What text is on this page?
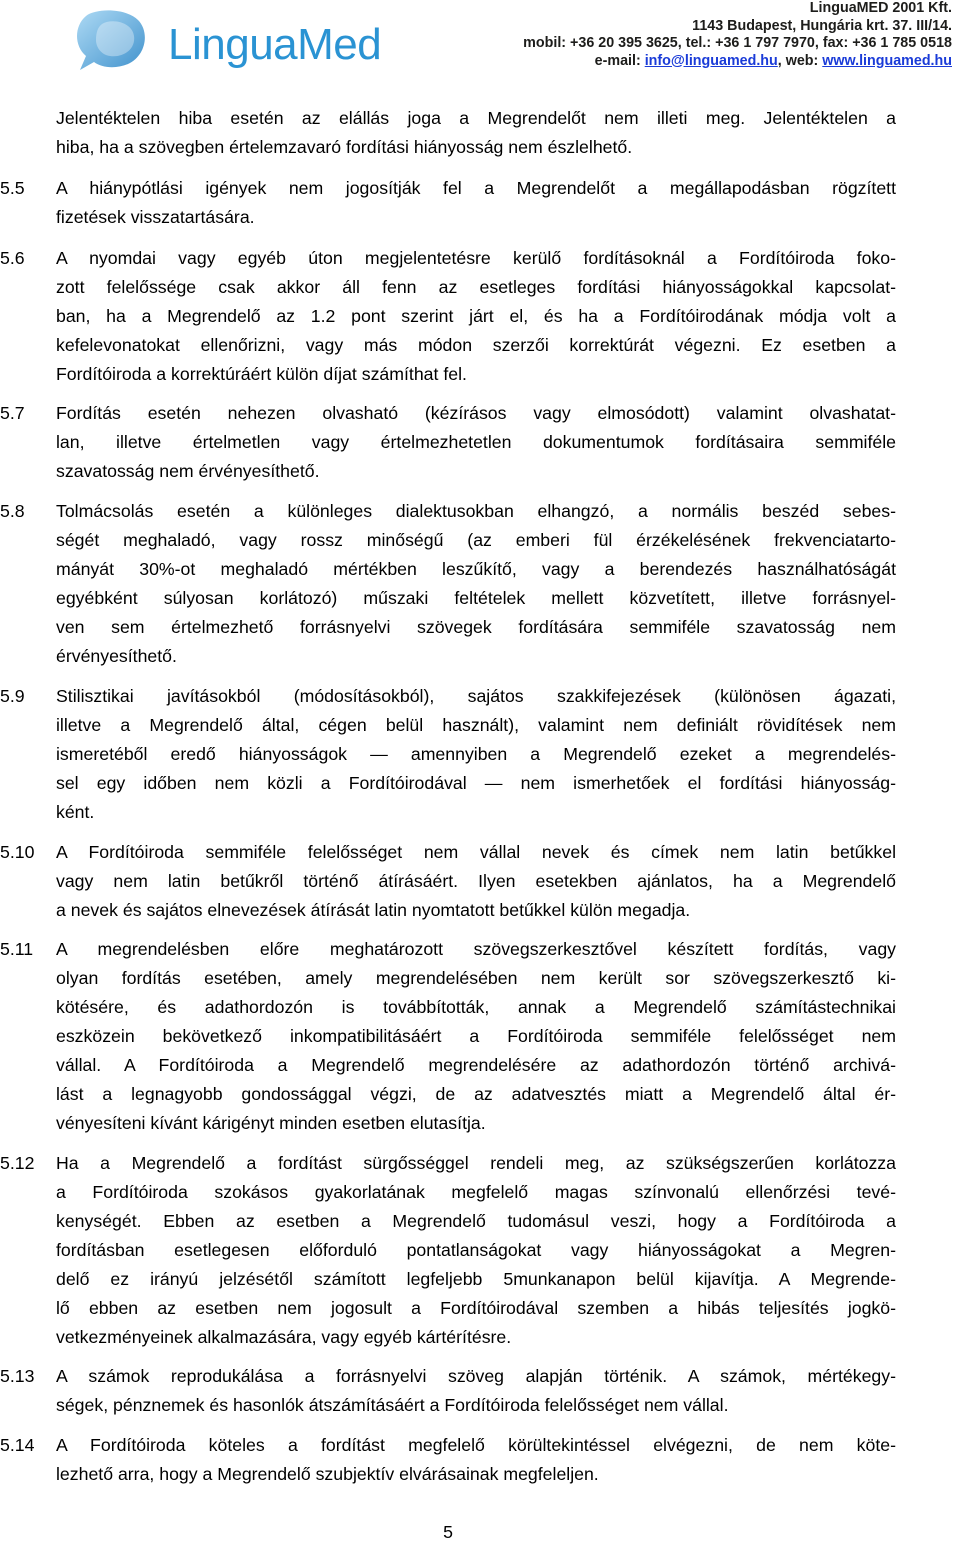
LinguaMed
LinguaMED 2001 Kft.
1143 Budapest, Hungária krt. 37. III/14.
mobil: +36 20 395 3625, tel.: +36 1 797 7970, fax: +36 1 785 0518
e-mail: info@linguamed.hu, web: www.linguamed.hu
Jelentéktelen hiba esetén az elállás joga a Megrendelőt nem illeti meg. Jelentéktelen a
hiba, ha a szövegben értelemzavaró fordítási hiányosság nem észlelhető.
5.5	A hiánypótlási igények nem jogosítják fel a Megrendelőt a megállapodásban rögzített
fizetések visszatartására.
5.6	A nyomdai vagy egyéb úton megjelentetésre kerülő fordításoknál a Fordítóiroda foko-
zott felelőssége csak akkor áll fenn az esetleges fordítási hiányosságokkal kapcsolat-
ban, ha a Megrendelő az 1.2 pont szerint járt el, és ha a Fordítóirodának módja volt a
kefelevonatokat ellenőrizni, vagy más módon szerzői korrektúrát végezni. Ez esetben a
Fordítóiroda a korrektúráért külön díjat számíthat fel.
5.7	Fordítás esetén nehezen olvasható (kézírásos vagy elmosódott) valamint olvashatat-
lan, illetve értelmetlen vagy értelmezhetetlen dokumentumok fordításaira semmiféle
szavatosság nem érvényesíthető.
5.8	Tolmácsolás esetén a különleges dialektusokban elhangzó, a normális beszéd sebes-
ségét meghaladó, vagy rossz minőségű (az emberi fül érzékelésének frekvenciatarto-
mányát 30%-ot meghaladó mértékben leszűkítő, vagy a berendezés használhatóságát
egyébként súlyosan korlátozó) műszaki feltételek mellett közvetített, illetve forrásnyel-
ven sem értelmezhető forrásnyelvi szövegek fordítására semmiféle szavatosság nem
érvényesíthető.
5.9	Stilisztikai javításokból (módosításokból), sajátos szakkifejezések (különösen ágazati,
illetve a Megrendelő által, cégen belül használt), valamint nem definiált rövidítések nem
ismeretéből eredő hiányosságok — amennyiben a Megrendelő ezeket a megrendelés-
sel egy időben nem közli a Fordítóirodával — nem ismerhetőek el fordítási hiányosság-
ként.
5.10	A Fordítóiroda semmiféle felelősséget nem vállal nevek és címek nem latin betűkkel
vagy nem latin betűkről történő átírásáért. Ilyen esetekben ajánlatos, ha a Megrendelő
a nevek és sajátos elnevezések átírását latin nyomtatott betűkkel külön megadja.
5.11	A megrendelésben előre meghatározott szövegszerkesztővel készített fordítás, vagy
olyan fordítás esetében, amely megrendelésében nem került sor szövegszerkesztő ki-
kötésére, és adathordozón is továbbították, annak a Megrendelő számítástechnikai
eszközein bekövetkező inkompatibilitásáért a Fordítóiroda semmiféle felelősséget nem
vállal. A Fordítóiroda a Megrendelő megrendelésére az adathordozón történő archivá-
lást a legnagyobb gondossággal végzi, de az adatvesztés miatt a Megrendelő által ér-
vényesíteni kívánt kárigényt minden esetben elutasítja.
5.12	Ha a Megrendelő a fordítást sürgősséggel rendeli meg, az szükségszerűen korlátozza
a Fordítóiroda szokásos gyakorlatának megfelelő magas színvonalú ellenőrzési tevé-
kenységét. Ebben az esetben a Megrendelő tudomásul veszi, hogy a Fordítóiroda a
fordításban esetlegesen előforduló pontatlanságokat vagy hiányosságokat a Megren-
delő ez irányú jelzésétől számított legfeljebb 5munkanapon belül kijavítja. A Megrende-
lő ebben az esetben nem jogosult a Fordítóirodával szemben a hibás teljesítés jogkö-
vetkezményeinek alkalmazására, vagy egyéb kártérítésre.
5.13	A számok reprodukálása a forrásnyelvi szöveg alapján történik. A számok, mértékegy-
ségek, pénznemek és hasonlók átszámításáért a Fordítóiroda felelősséget nem vállal.
5.14	A Fordítóiroda köteles a fordítást megfelelő körültekintéssel elvégezni, de nem köte-
lezhető arra, hogy a Megrendelő szubjektív elvárásainak megfeleljen.
5
